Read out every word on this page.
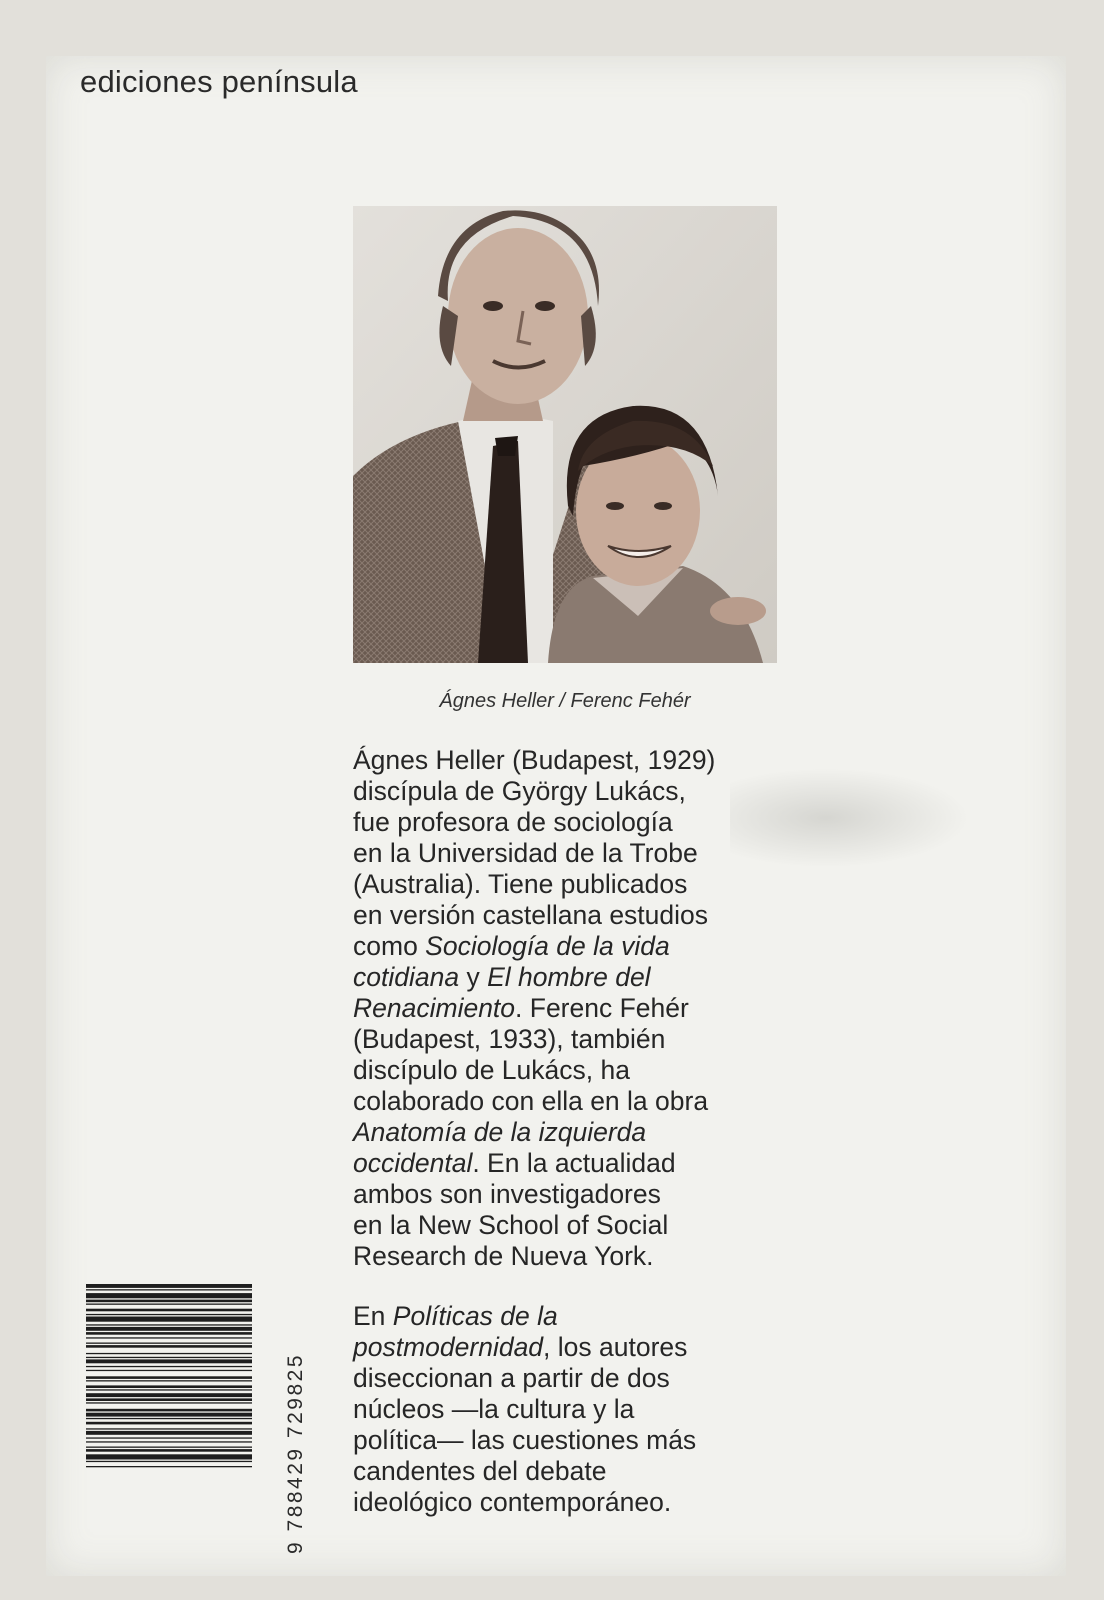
ediciones península
Ágnes Heller / Ferenc Fehér

Ágnes Heller (Budapest, 1929)
discípula de György Lukács,
fue profesora de sociología
en la Universidad de la Trobe
(Australia). Tiene publicados
en versión castellana estudios
como Sociología de la vida
cotidiana y El hombre del
Renacimiento. Ferenc Fehér
(Budapest, 1933), también
discípulo de Lukács, ha
colaborado con ella en la obra
Anatomía de la izquierda
occidental. En la actualidad
ambos son investigadores
en la New School of Social
Research de Nueva York.

En Políticas de la
postmodernidad, los autores
diseccionan a partir de dos
núcleos —la cultura y la
política— las cuestiones más
candentes del debate
ideológico contemporáneo.

9 788429 729825
